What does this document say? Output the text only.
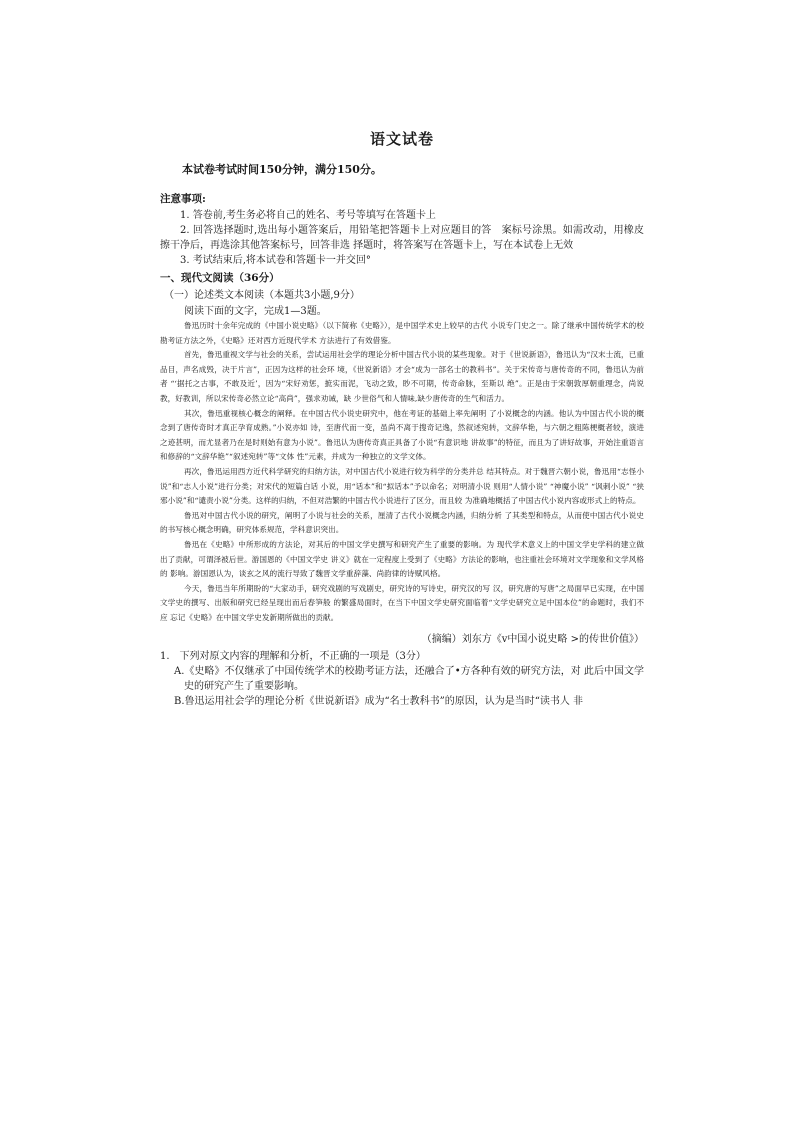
语文试卷
本试卷考试时间150分钟，满分150分。
注意事项:

1. 答卷前,考生务必将自己的姓名、考号等填写在答题卡上

2. 回答选择题时,选出每小题答案后，用铅笔把答题卡上对应题目的答　案标号涂黑。如需改动，用橡皮擦干净后，再选涂其他答案标号，回答非选 择题时，将答案写在答题卡上，写在本试卷上无效

3. 考试结束后,将本试卷和答题卡一并交回°

一、现代文阅读（36分）
（一）论述类文本阅读（本题共3小题,9分）
阅读下面的文字，完成1—3题。

鲁迅历时十余年完成的《中国小说史略》（以下简称《史略》），是中国学术史上较早的古代 小说专门史之一。除了继承中国传统学术的校勘考证方法之外，《史略》还对西方近现代学术 方法进行了有效借鉴。

首先，鲁迅重视文学与社会的关系，尝试运用社会学的理论分析中国古代小说的某些现象。对于《世说新语》，鲁迅认为“汉末士流，已重品目，声名成毁，决于片言”，正因为这样的社会环 境，《世说新语》才会“成为一部名士的教科书”。关于宋传奇与唐传奇的不同，鲁迅认为前者 “‘据托之古事，不敢及近’，因为“宋好劝惩，摭实而泥，飞动之致，眇不可期，传奇命脉，至斯以 绝”。正是由于宋朝敦厚朝重理念，尚说教，好教训，所以宋传奇必然立论“高尚”，强求劝诫，缺 少世俗气和人情味,缺少唐传奇的生气和活力。

其次，鲁迅重视核心概念的阐释。在中国古代小说史研究中，他在考证的基础上率先阐明 了小说概念的内涵。他认为中国古代小说的概念到了唐传奇时才真正孕育成熟。”小说亦如 诗，至唐代而一变，虽尚不离于搜奇记逸，然叙述宛转，文辞华艳，与六朝之粗陈梗概者较，演进 之迹甚明，而尤显者乃在是时则始有意为小说”。鲁迅认为唐传奇真正具备了小说“有意识地 讲故事”的特征，而且为了讲好故事，开始注重语言和修辞的“文辞华艳”“叙述宛转”等“文体 性”元素，并成为一种独立的文学文体。

再次，鲁迅运用西方近代科学研究的归纳方法，对中国古代小说进行较为科学的分类并总 结其特点。对于魏晋六朝小说，鲁迅用“志怪小说”和“志人小说”进行分类；对宋代的短篇白话 小说，用“话本”和“拟话本”予以命名；对明清小说 则用“人情小说” “神魔小说” “讽刺小说” “狭邪小说”和“谴责小说”分类。这样的归纳，不但对浩繁的中国古代小说进行了区分，而且较 为准确地概括了中国古代小说内容或形式上的特点。

鲁迅对中国古代小说的研究，阐明了小说与社会的关系，厘清了古代小说概念内涵，归纳分析 了其类型和特点，从而使中国古代小说史的书写核心概念明确，研究体系规范，学科意识突出。

鲁迅在《史略》中所形成的方法论，对其后的中国文学史撰写和研究产生了重要的影响。为 现代学术意义上的中国文学史学科的建立做出了贡献，可谓泽被后世。游国恩的《中国文学史 讲义》就在一定程度上受到了《史略》方法论的影响，也注重社会环境对文学现象和文学风格的 影响。游国恩认为，谈玄之风的流行导致了魏晋文学重辞藻、尚韵律的诗赋风格。

今天，鲁迅当年所期盼的“大家动手，研究戏剧的写戏剧史，研究诗的写诗史，研究汉的写 汉，研究唐的写唐”之局面早已实现，在中国文学史的撰写、出版和研究已经呈现出而后春笋般 的繁盛局面时，在当下中国文学史研究面临着“文学史研究立足中国本位”的命题时，我们不应 忘记《史略》在中国文学史发新期所做出的贡献。

（摘编）刘东方《v中国小说史略 >的传世价值》）

1.　下列对原文内容的理解和分析，不正确的一项是（3分）

A.《史略》不仅继承了中国传统学术的校勘考证方法，还融合了•方各种有效的研究方法，对 此后中国文学史的研究产生了重要影响。

B.鲁迅运用社会学的理论分析《世说新语》成为“名士教科书”的原因，认为是当时“读书人 非
